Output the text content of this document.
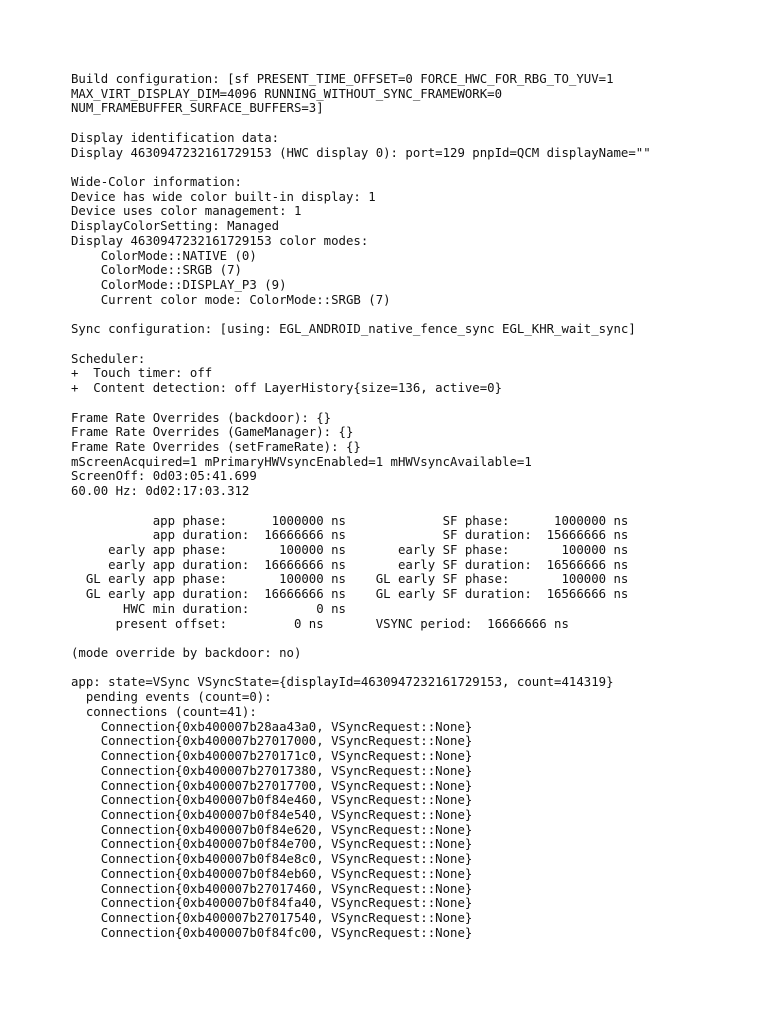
Build configuration: [sf PRESENT_TIME_OFFSET=0 FORCE_HWC_FOR_RBG_TO_YUV=1
MAX_VIRT_DISPLAY_DIM=4096 RUNNING_WITHOUT_SYNC_FRAMEWORK=0
NUM_FRAMEBUFFER_SURFACE_BUFFERS=3]
Display identification data:
Display 4630947232161729153 (HWC display 0): port=129 pnpId=QCM displayName=""
Wide-Color information:
Device has wide color built-in display: 1
Device uses color management: 1
DisplayColorSetting: Managed
Display 4630947232161729153 color modes:
ColorMode::NATIVE (0)
ColorMode::SRGB (7)
ColorMode::DISPLAY_P3 (9)
Current color mode: ColorMode::SRGB (7)
Sync configuration: [using: EGL_ANDROID_native_fence_sync EGL_KHR_wait_sync]
Scheduler:
+  Touch timer: off
+  Content detection: off LayerHistory{size=136, active=0}
Frame Rate Overrides (backdoor): {}
Frame Rate Overrides (GameManager): {}
Frame Rate Overrides (setFrameRate): {}
mScreenAcquired=1 mPrimaryHWVsyncEnabled=1 mHWVsyncAvailable=1
ScreenOff: 0d03:05:41.699
60.00 Hz: 0d02:17:03.312
app phase:      1000000 ns             SF phase:      1000000 ns
app duration:  16666666 ns             SF duration:  15666666 ns
early app phase:       100000 ns       early SF phase:       100000 ns
early app duration:  16666666 ns       early SF duration:  16566666 ns
GL early app phase:       100000 ns    GL early SF phase:       100000 ns
GL early app duration:  16666666 ns    GL early SF duration:  16566666 ns
HWC min duration:         0 ns
present offset:         0 ns       VSYNC period:  16666666 ns
(mode override by backdoor: no)
app: state=VSync VSyncState={displayId=4630947232161729153, count=414319}
pending events (count=0):
connections (count=41):
Connection{0xb400007b28aa43a0, VSyncRequest::None}
Connection{0xb400007b27017000, VSyncRequest::None}
Connection{0xb400007b270171c0, VSyncRequest::None}
Connection{0xb400007b27017380, VSyncRequest::None}
Connection{0xb400007b27017700, VSyncRequest::None}
Connection{0xb400007b0f84e460, VSyncRequest::None}
Connection{0xb400007b0f84e540, VSyncRequest::None}
Connection{0xb400007b0f84e620, VSyncRequest::None}
Connection{0xb400007b0f84e700, VSyncRequest::None}
Connection{0xb400007b0f84e8c0, VSyncRequest::None}
Connection{0xb400007b0f84eb60, VSyncRequest::None}
Connection{0xb400007b27017460, VSyncRequest::None}
Connection{0xb400007b0f84fa40, VSyncRequest::None}
Connection{0xb400007b27017540, VSyncRequest::None}
Connection{0xb400007b0f84fc00, VSyncRequest::None}
